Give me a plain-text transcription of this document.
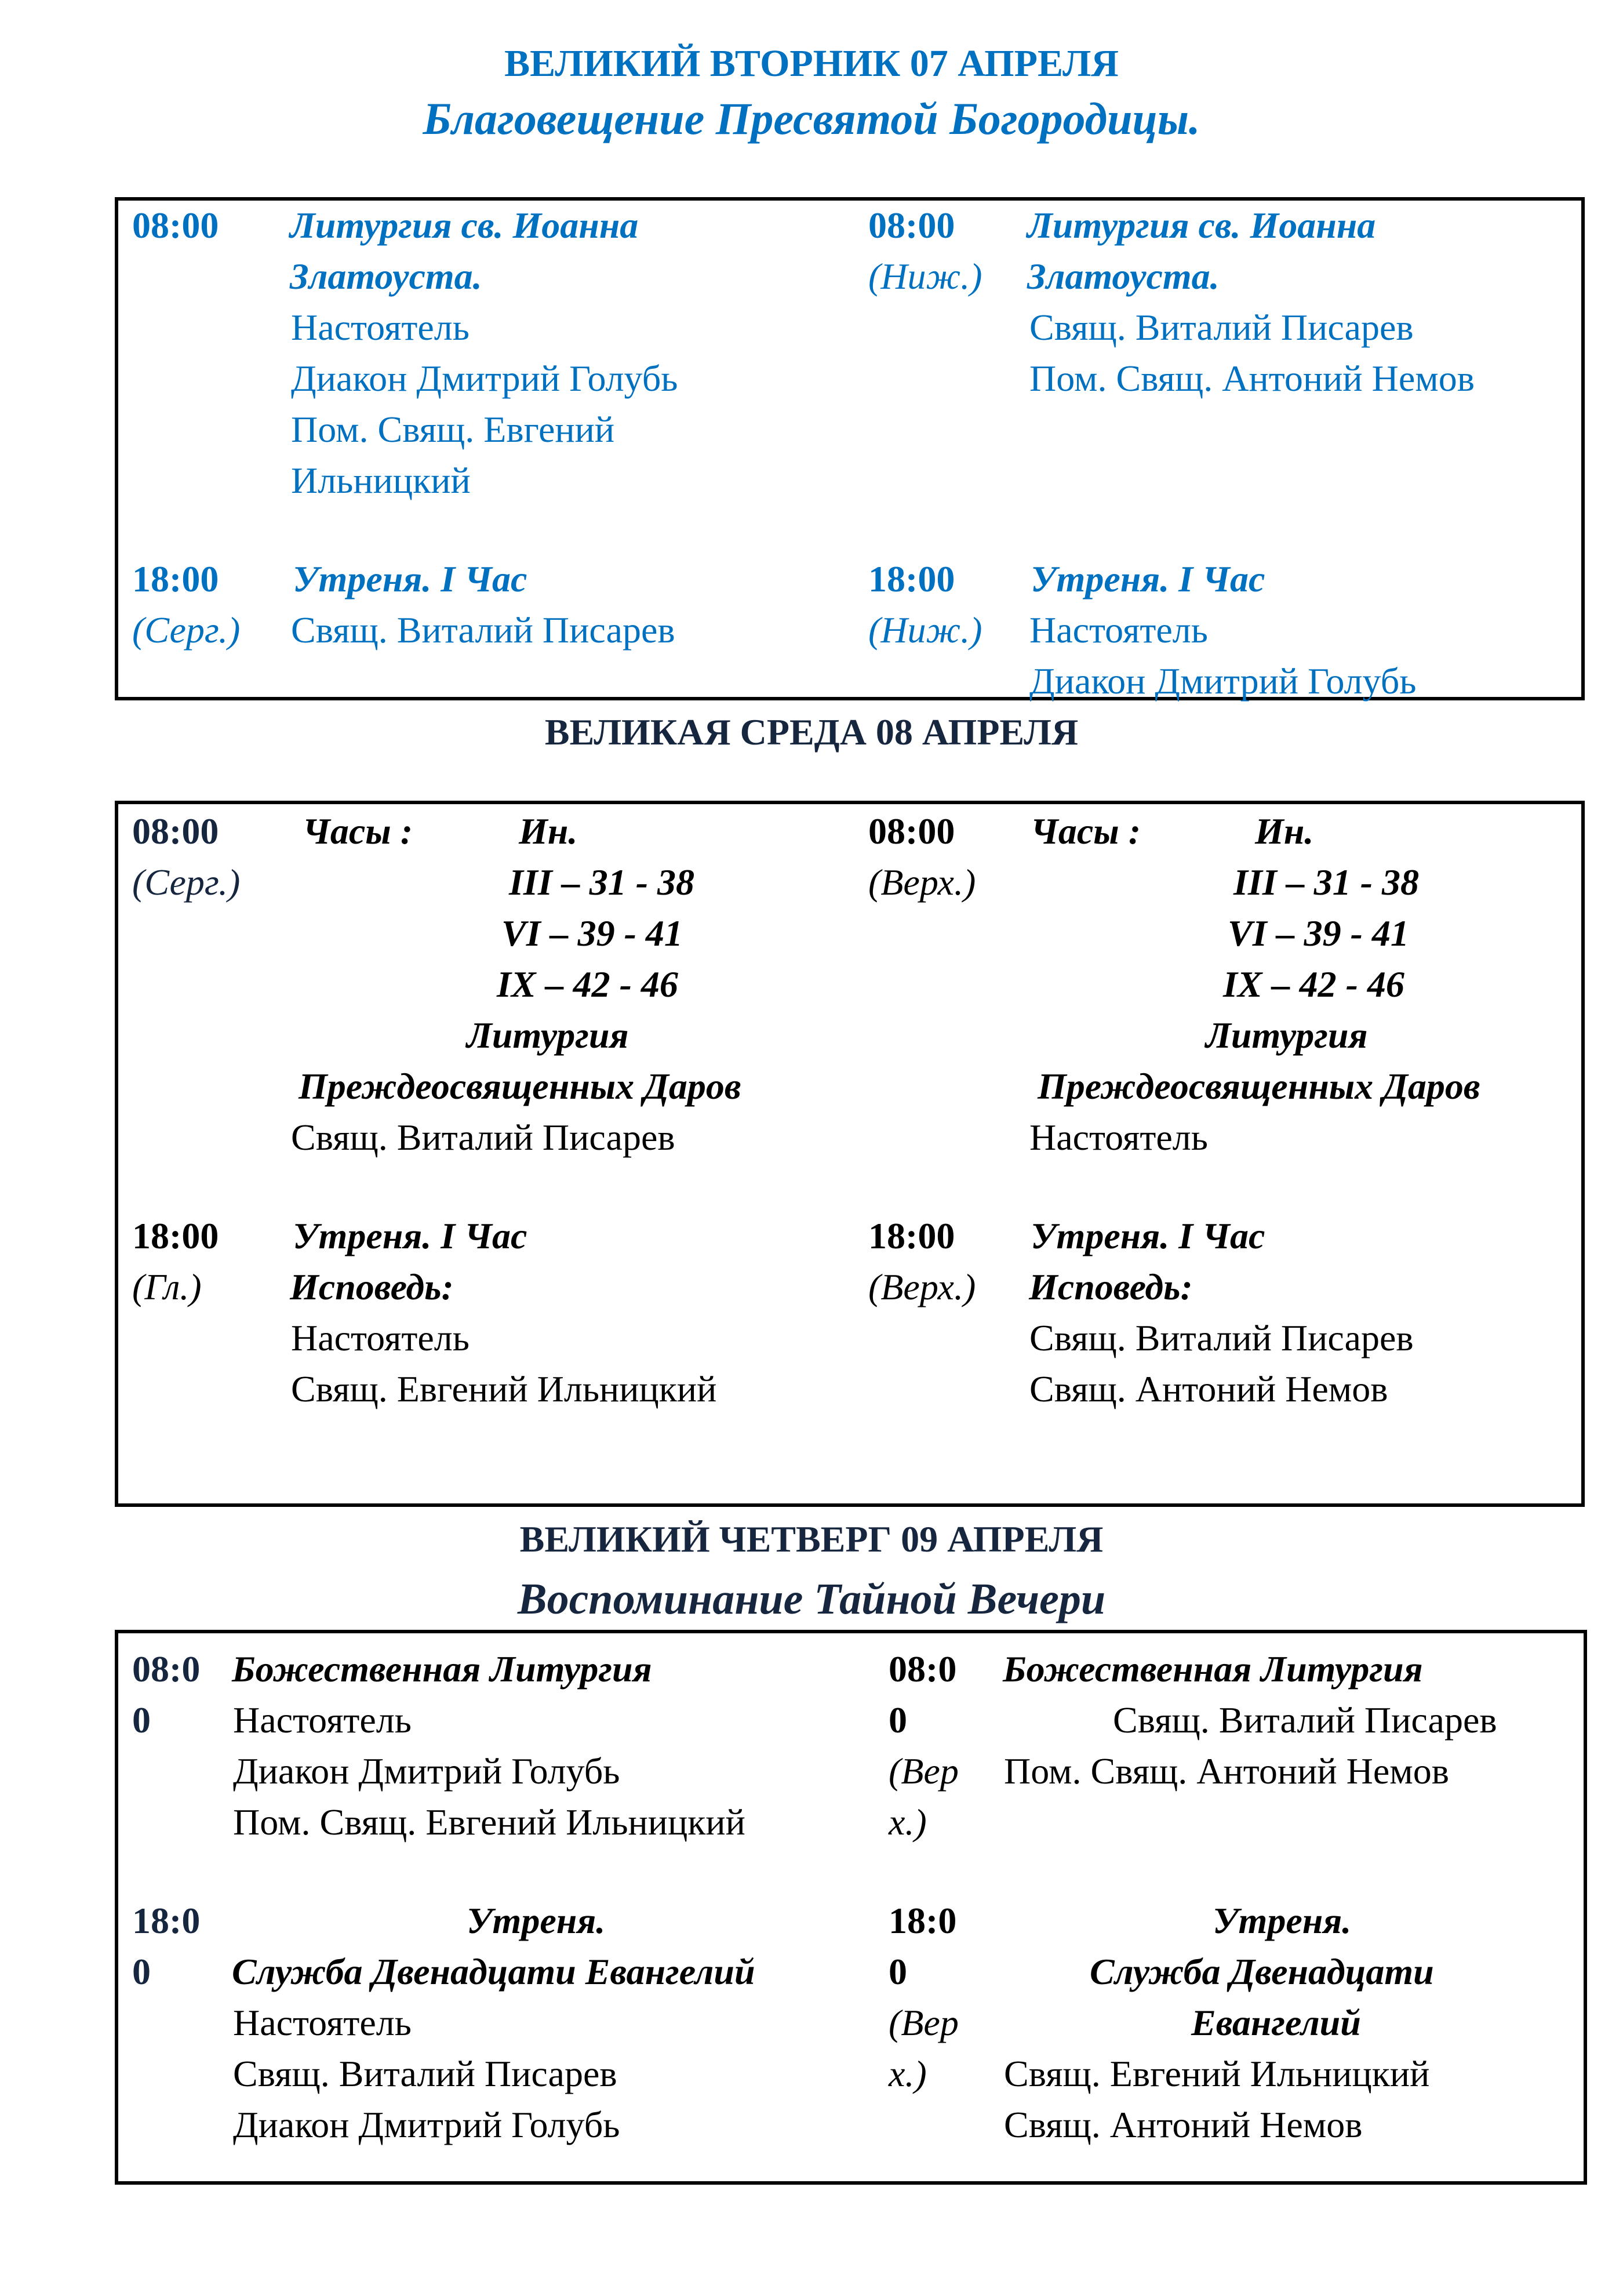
ВЕЛИКИЙ ВТОРНИК 07 АПРЕЛЯ
Благовещение Пресвятой Богородицы.
08:00 Литургия св. Иоанна
Златоуста.
Настоятель
Диакон Дмитрий Голубь
Пом. Свящ. Евгений
Ильницкий
18:00
(Серг.)
Утреня. I Час
Свящ. Виталий Писарев
08:00
(Ниж.)
Литургия св. Иоанна
Златоуста.
Свящ. Виталий Писарев
Пом. Свящ. Антоний Немов
18:00
(Ниж.)
Утреня. I Час
Настоятель
Диакон Дмитрий Голубь
ВЕЛИКАЯ СРЕДА 08 АПРЕЛЯ
08:00
(Серг.)
Часы :	Ин.
III – 31 - 38
VI – 39 - 41
IX – 42 - 46
Литургия
Преждеосвященных Даров
Свящ. Виталий Писарев
18:00
(Гл.)
Утреня. I Час
Исповедь:
Настоятель
Свящ. Евгений Ильницкий
08:00
(Верх.)
Часы :	Ин.
III – 31 - 38
VI – 39 - 41
IX – 42 - 46
Литургия
Преждеосвященных Даров
Настоятель
18:00
(Верх.)
Утреня. I Час
Исповедь:
Свящ. Виталий Писарев
Свящ. Антоний Немов
ВЕЛИКИЙ ЧЕТВЕРГ 09 АПРЕЛЯ
Воспоминание Тайной Вечери
08:0
0
Божественная Литургия
Настоятель
Диакон Дмитрий Голубь
Пом. Свящ. Евгений Ильницкий
18:0
0
Утреня.
Служба Двенадцати Евангелий
Настоятель
Свящ. Виталий Писарев
Диакон Дмитрий Голубь
08:0
0
(Вер
х.)
Божественная Литургия
Свящ. Виталий Писарев
Пом. Свящ. Антоний Немов
18:0
0
(Вер
х.)
Утреня.
Служба Двенадцати
Евангелий
Свящ. Евгений Ильницкий
Свящ. Антоний Немов
